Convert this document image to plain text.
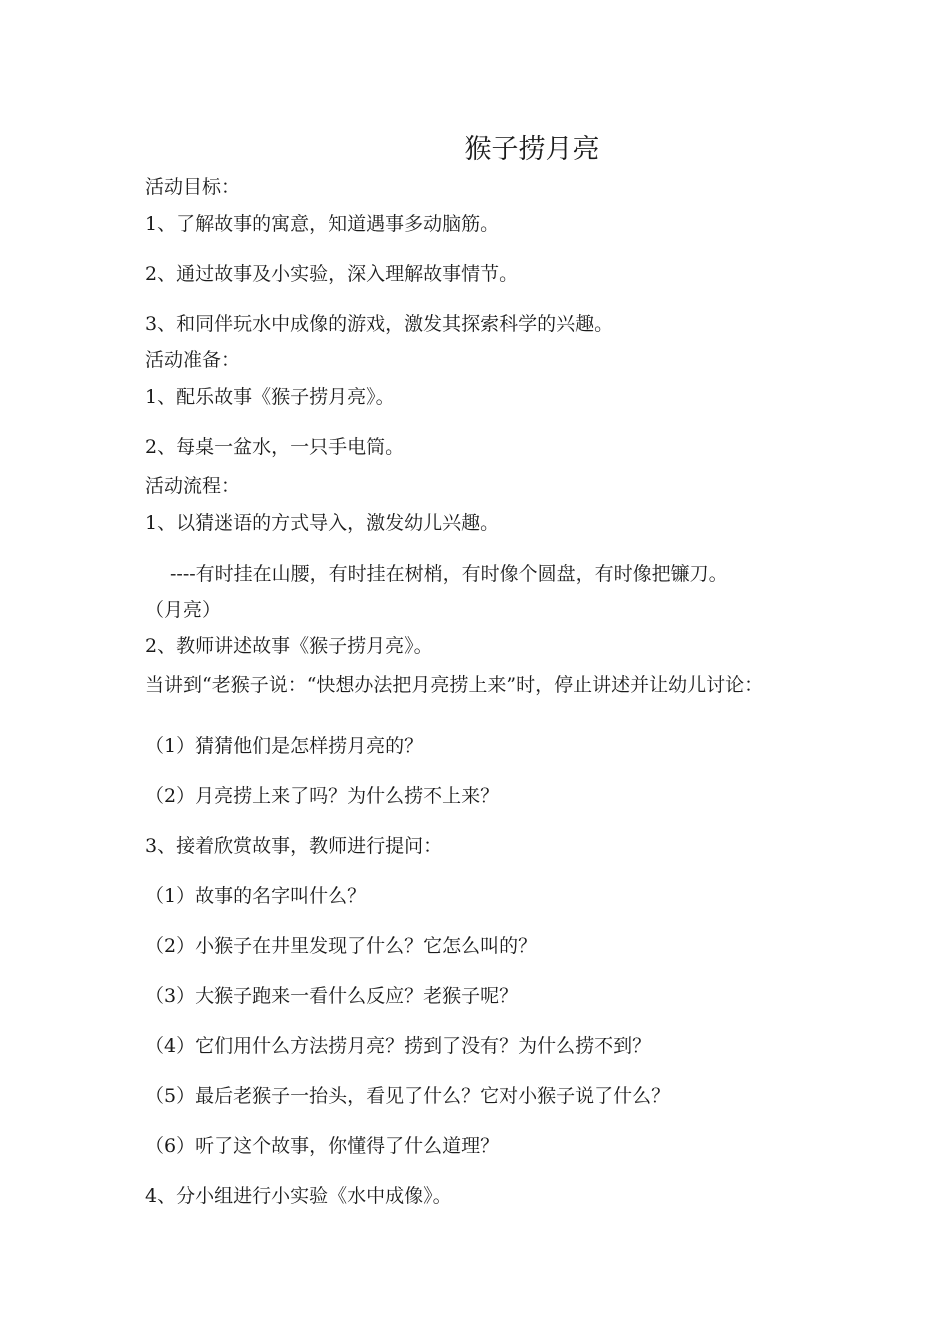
猴子捞月亮
活动目标：
1、了解故事的寓意，知道遇事多动脑筋。
2、通过故事及小实验，深入理解故事情节。
3、和同伴玩水中成像的游戏，激发其探索科学的兴趣。
活动准备：
1、配乐故事《猴子捞月亮》。
2、每桌一盆水，一只手电筒。
活动流程：
1、以猜迷语的方式导入，激发幼儿兴趣。
----有时挂在山腰，有时挂在树梢，有时像个圆盘，有时像把镰刀。
（月亮）
2、教师讲述故事《猴子捞月亮》。
当讲到“老猴子说：“快想办法把月亮捞上来”时，停止讲述并让幼儿讨论：
（1）猜猜他们是怎样捞月亮的？
（2）月亮捞上来了吗？为什么捞不上来？
3、接着欣赏故事，教师进行提问：
（1）故事的名字叫什么？
（2）小猴子在井里发现了什么？它怎么叫的？
（3）大猴子跑来一看什么反应？老猴子呢？
（4）它们用什么方法捞月亮？捞到了没有？为什么捞不到？
（5）最后老猴子一抬头，看见了什么？它对小猴子说了什么？
（6）听了这个故事，你懂得了什么道理？
4、分小组进行小实验《水中成像》。
